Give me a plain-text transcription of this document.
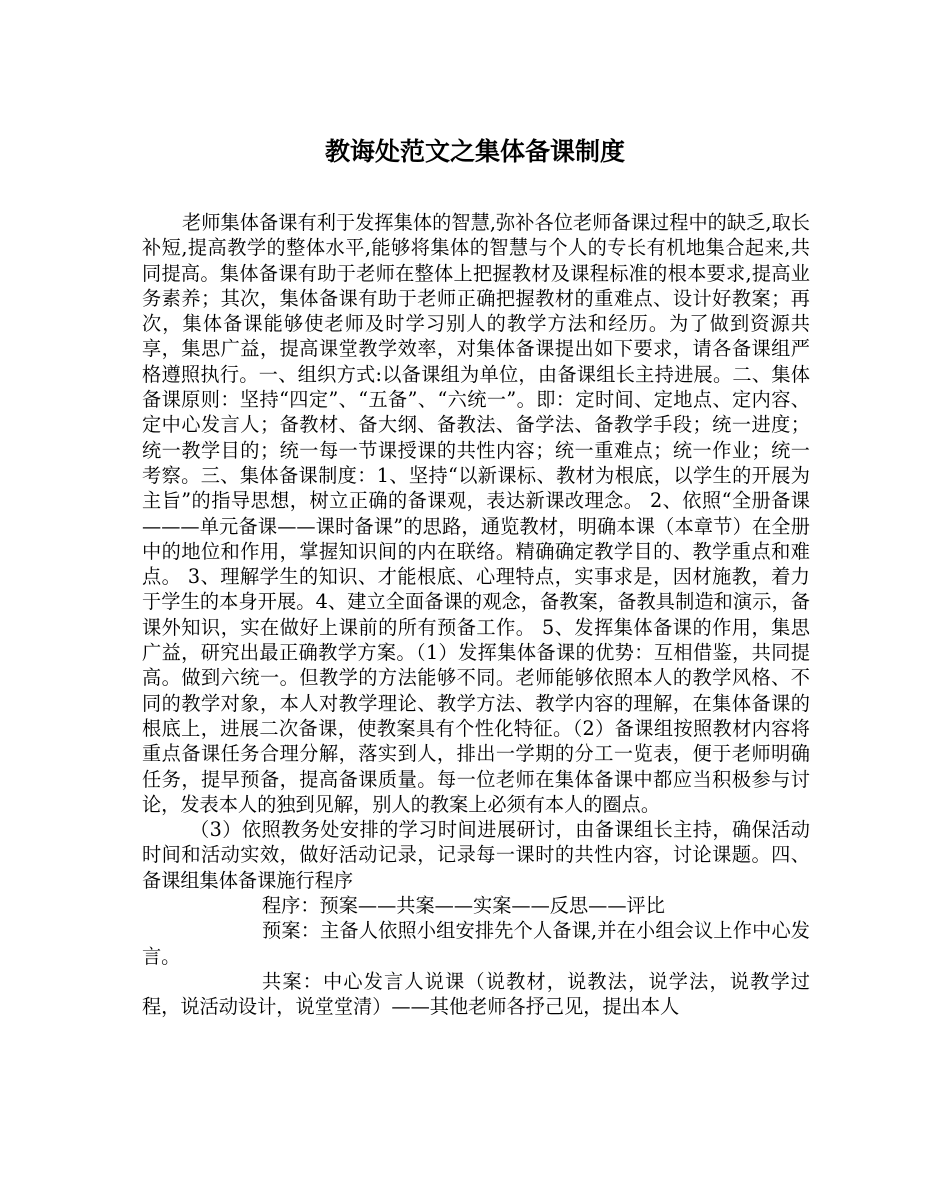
教诲处范文之集体备课制度

老师集体备课有利于发挥集体的智慧,弥补各位老师备课过程中的缺乏,取长补短,提高教学的整体水平,能够将集体的智慧与个人的专长有机地集合起来,共同提高。集体备课有助于老师在整体上把握教材及课程标准的根本要求,提高业务素养；其次，集体备课有助于老师正确把握教材的重难点、设计好教案；再次，集体备课能够使老师及时学习别人的教学方法和经历。为了做到资源共享，集思广益，提高课堂教学效率，对集体备课提出如下要求，请各备课组严格遵照执行。一、组织方式:以备课组为单位，由备课组长主持进展。二、集体备课原则：坚持“四定”、“五备”、“六统一”。即：定时间、定地点、定内容、定中心发言人；备教材、备大纲、备教法、备学法、备教学手段；统一进度；统一教学目的；统一每一节课授课的共性内容；统一重难点；统一作业；统一考察。三、集体备课制度：1、坚持“以新课标、教材为根底，以学生的开展为主旨”的指导思想，树立正确的备课观，表达新课改理念。 2、依照“全册备课———单元备课——课时备课”的思路，通览教材，明确本课（本章节）在全册中的地位和作用，掌握知识间的内在联络。精确确定教学目的、教学重点和难点。 3、理解学生的知识、才能根底、心理特点，实事求是，因材施教，着力于学生的本身开展。4、建立全面备课的观念，备教案，备教具制造和演示，备课外知识，实在做好上课前的所有预备工作。 5、发挥集体备课的作用，集思广益，研究出最正确教学方案。（1）发挥集体备课的优势：互相借鉴，共同提高。做到六统一。但教学的方法能够不同。老师能够依照本人的教学风格、不同的教学对象，本人对教学理论、教学方法、教学内容的理解，在集体备课的根底上，进展二次备课，使教案具有个性化特征。（2）备课组按照教材内容将重点备课任务合理分解，落实到人，排出一学期的分工一览表，便于老师明确任务，提早预备，提高备课质量。每一位老师在集体备课中都应当积极参与讨论，发表本人的独到见解，别人的教案上必须有本人的圈点。

（3）依照教务处安排的学习时间进展研讨，由备课组长主持，确保活动时间和活动实效，做好活动记录，记录每一课时的共性内容，讨论课题。四、备课组集体备课施行程序

程序：预案——共案——实案——反思——评比

预案：主备人依照小组安排先个人备课,并在小组会议上作中心发言。

共案：中心发言人说课（说教材，说教法，说学法，说教学过程，说活动设计，说堂堂清）——其他老师各抒己见，提出本人
